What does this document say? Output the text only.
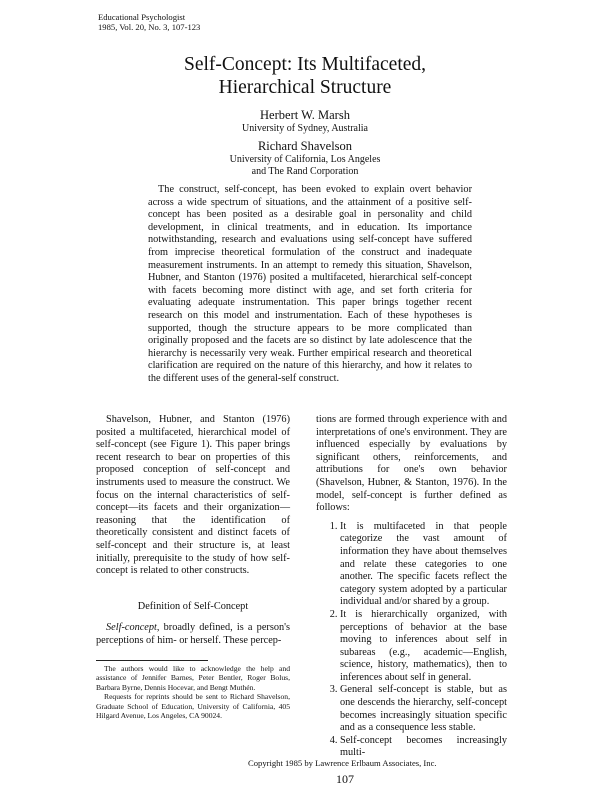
Educational Psychologist
1985, Vol. 20, No. 3, 107-123
Self-Concept: Its Multifaceted,
Hierarchical Structure
Herbert W. Marsh
University of Sydney, Australia
Richard Shavelson
University of California, Los Angeles
and The Rand Corporation
The construct, self-concept, has been evoked to explain overt behavior across a wide spectrum of situations, and the attainment of a positive self-concept has been posited as a desirable goal in personality and child development, in clinical treatments, and in education. Its importance notwithstanding, research and evaluations using self-concept have suffered from imprecise theoretical formulation of the construct and inadequate measurement instruments. In an attempt to remedy this situation, Shavelson, Hubner, and Stanton (1976) posited a multifaceted, hierarchical self-concept with facets becoming more distinct with age, and set forth criteria for evaluating adequate instrumentation. This paper brings together recent research on this model and instrumentation. Each of these hypotheses is supported, though the structure appears to be more complicated than originally proposed and the facets are so distinct by late adolescence that the hierarchy is necessarily very weak. Further empirical research and theoretical clarification are required on the nature of this hierarchy, and how it relates to the different uses of the general-self construct.
Shavelson, Hubner, and Stanton (1976) posited a multifaceted, hierarchical model of self-concept (see Figure 1). This paper brings recent research to bear on properties of this proposed conception of self-concept and instruments used to measure the construct. We focus on the internal characteristics of self-concept—its facets and their organization—reasoning that the identification of theoretically consistent and distinct facets of self-concept and their structure is, at least initially, prerequisite to the study of how self-concept is related to other constructs.
Definition of Self-Concept
Self-concept, broadly defined, is a person's perceptions of him- or herself. These percep-

tions are formed through experience with and interpretations of one's environment. They are influenced especially by evaluations by significant others, reinforcements, and attributions for one's own behavior (Shavelson, Hubner, & Stanton, 1976). In the model, self-concept is further defined as follows:

1. It is multifaceted in that people categorize the vast amount of information they have about themselves and relate these categories to one another. The specific facets reflect the category system adopted by a particular individual and/or shared by a group.
2. It is hierarchically organized, with perceptions of behavior at the base moving to inferences about self in subareas (e.g., academic—English, science, history, mathematics), then to inferences about self in general.
3. General self-concept is stable, but as one descends the hierarchy, self-concept becomes increasingly situation specific and as a consequence less stable.
4. Self-concept becomes increasingly multi-

The authors would like to acknowledge the help and assistance of Jennifer Barnes, Peter Bentler, Roger Bolus, Barbara Byrne, Dennis Hocevar, and Bengt Muthén.

Requests for reprints should be sent to Richard Shavelson, Graduate School of Education, University of California, 405 Hilgard Avenue, Los Angeles, CA 90024.

Copyright 1985 by Lawrence Erlbaum Associates, Inc.
107
